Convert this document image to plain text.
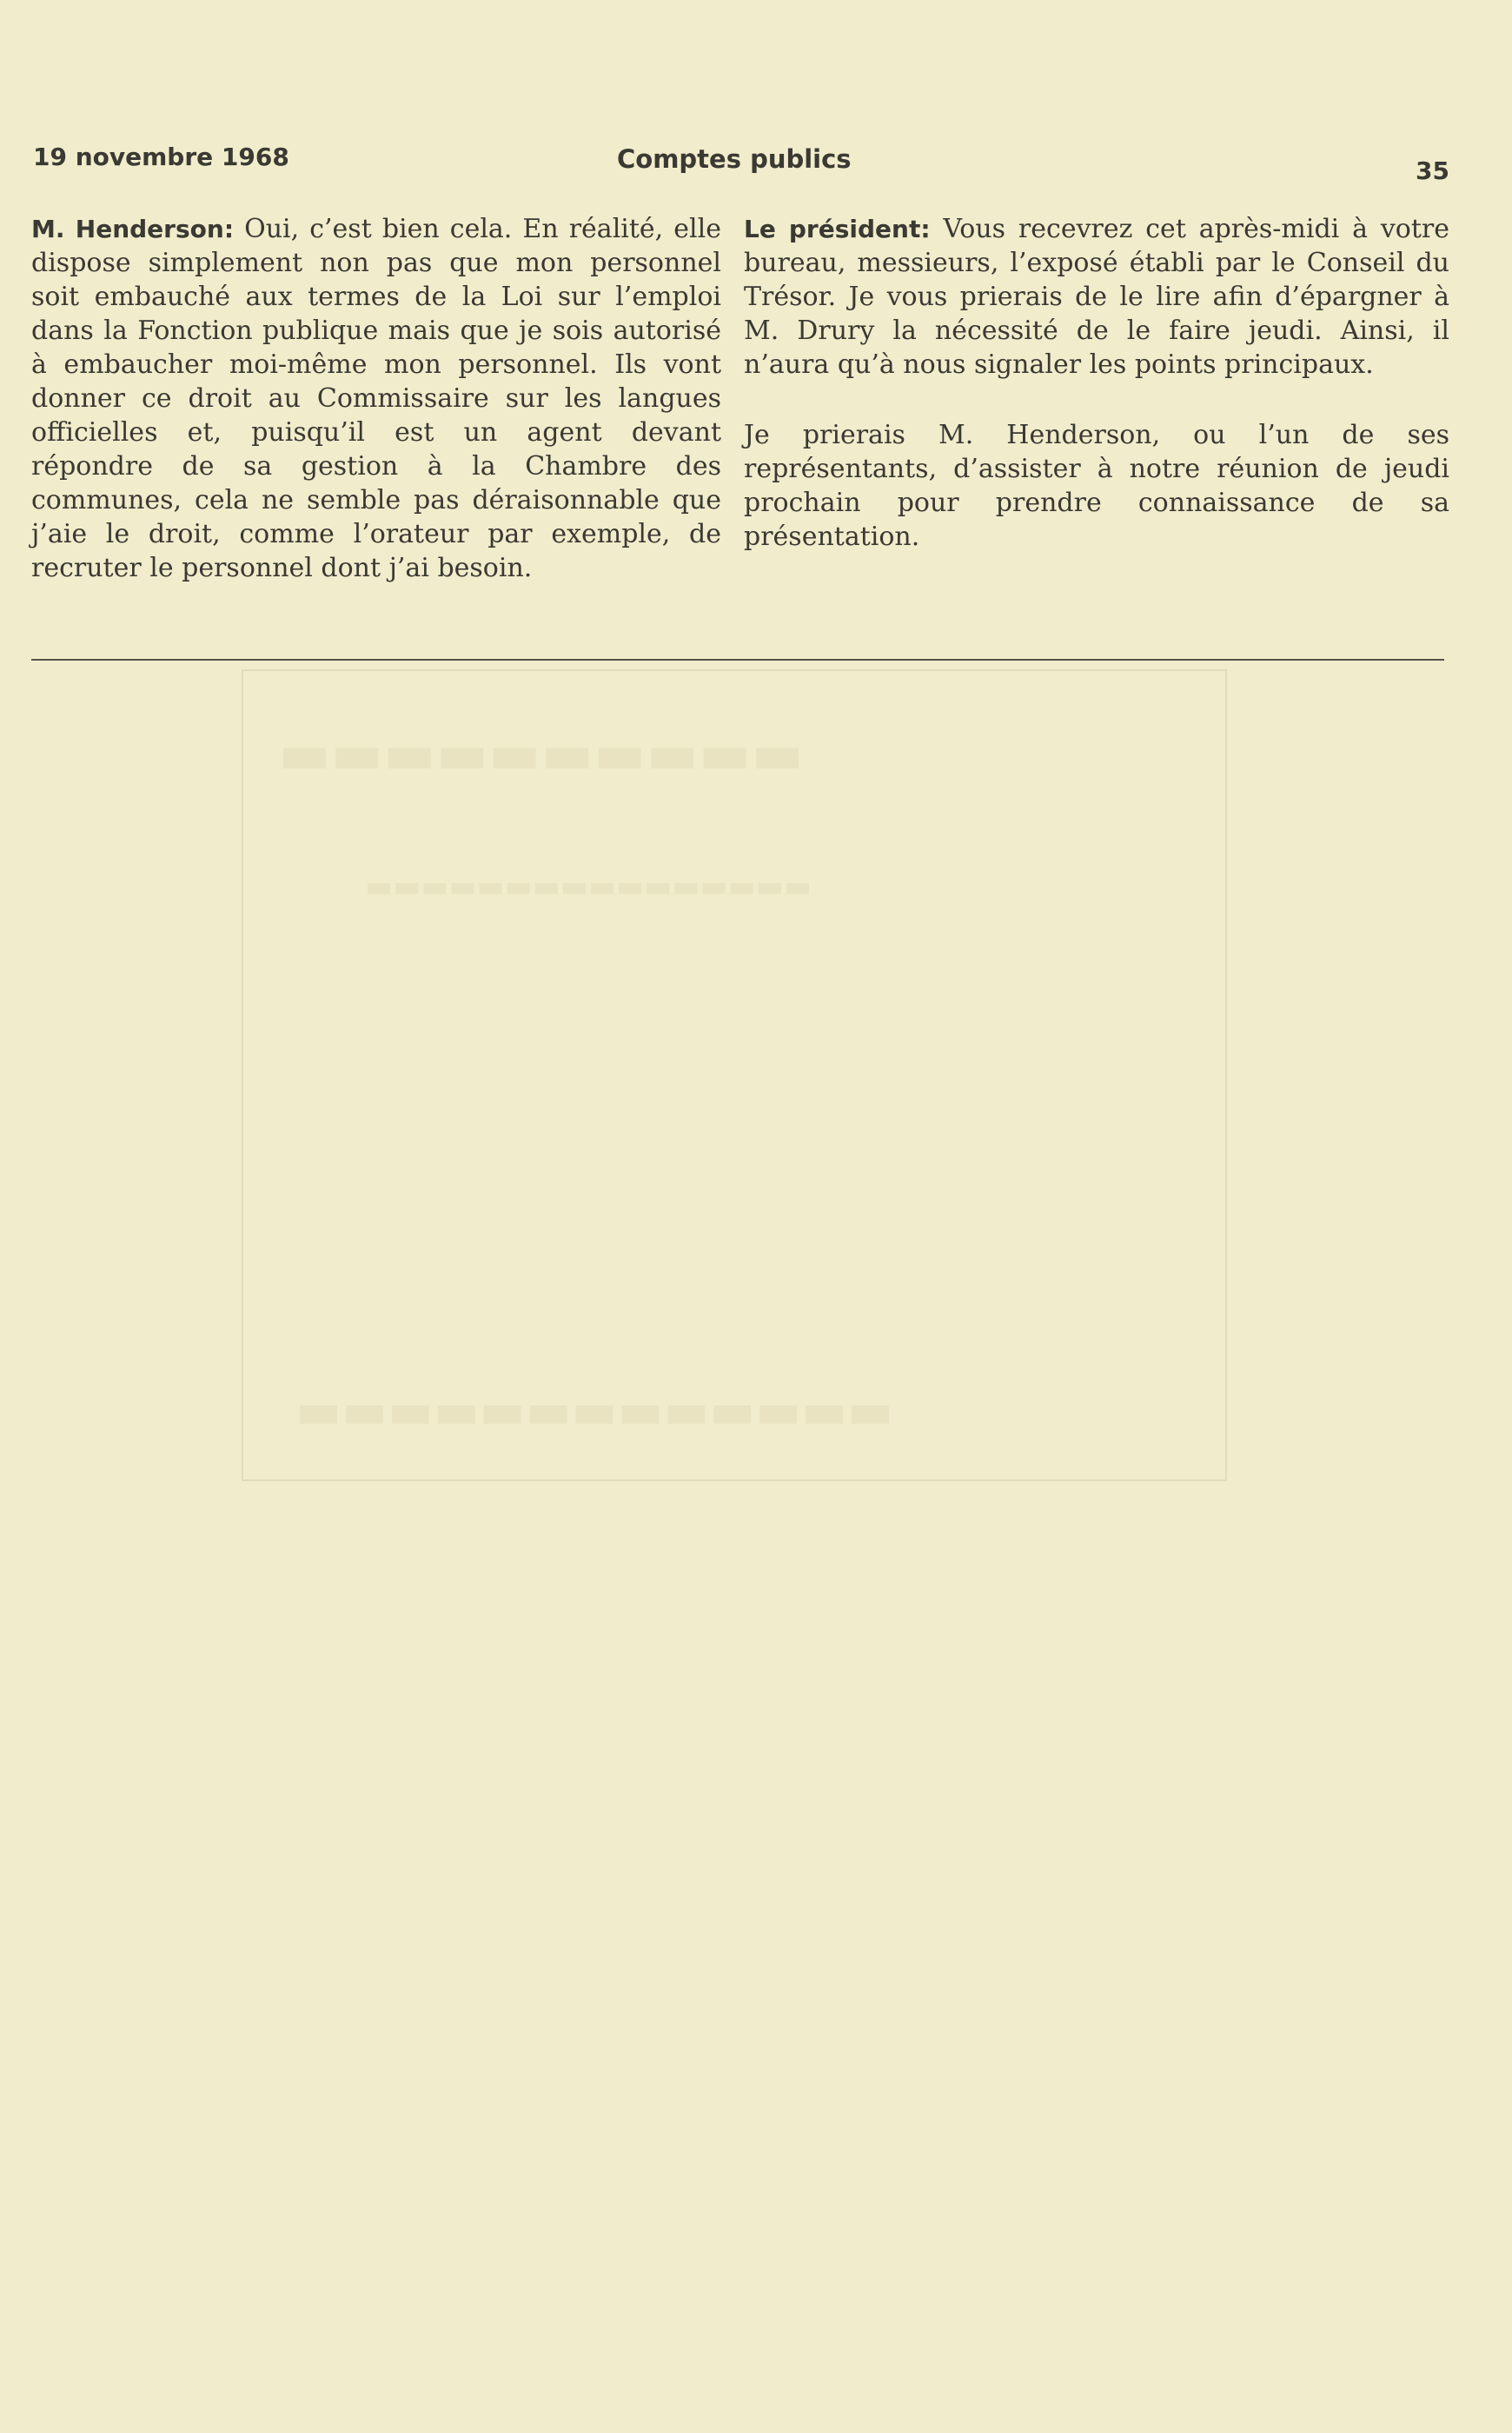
▬▬▬▬▬▬▬▬▬▬
▬▬▬▬▬▬▬▬▬▬▬▬▬▬▬▬
▬▬▬▬▬▬▬▬▬▬▬▬▬
19 novembre 1968	Comptes publics	35

M. Henderson: Oui, c’est bien cela. En réalité, elle dispose simplement non pas que mon personnel soit embauché aux termes de la Loi sur l’emploi dans la Fonction publique mais que je sois autorisé à embaucher moi-même mon personnel. Ils vont donner ce droit au Commissaire sur les langues officielles et, puisqu’il est un agent devant répondre de sa gestion à la Chambre des communes, cela ne semble pas déraisonnable que j’aie le droit, comme l’orateur par exemple, de recruter le personnel dont j’ai besoin.

Le président: Vous recevrez cet après-midi à votre bureau, messieurs, l’exposé établi par le Conseil du Trésor. Je vous prierais de le lire afin d’épargner à M. Drury la nécessité de le faire jeudi. Ainsi, il n’aura qu’à nous signaler les points principaux.

Je prierais M. Henderson, ou l’un de ses représentants, d’assister à notre réunion de jeudi prochain pour prendre connaissance de sa présentation.
